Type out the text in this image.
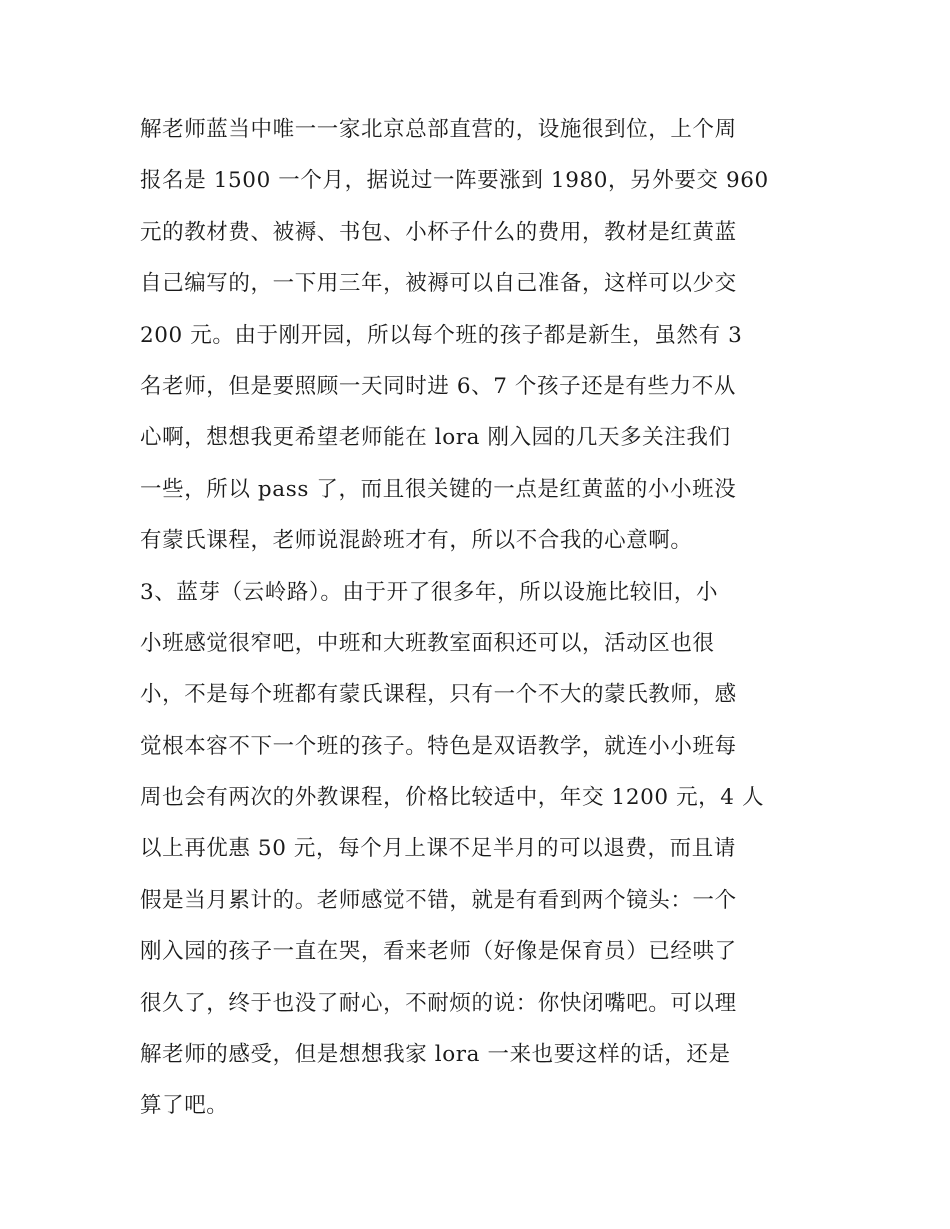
解老师蓝当中唯一一家北京总部直营的，设施很到位，上个周
报名是 1500 一个月，据说过一阵要涨到 1980，另外要交 960
元的教材费、被褥、书包、小杯子什么的费用，教材是红黄蓝
自己编写的，一下用三年，被褥可以自己准备，这样可以少交
200 元。由于刚开园，所以每个班的孩子都是新生，虽然有 3
名老师，但是要照顾一天同时进 6、7 个孩子还是有些力不从
心啊，想想我更希望老师能在 lora 刚入园的几天多关注我们
一些，所以 pass 了，而且很关键的一点是红黄蓝的小小班没
有蒙氏课程，老师说混龄班才有，所以不合我的心意啊。
3、蓝芽（云岭路）。由于开了很多年，所以设施比较旧，小
小班感觉很窄吧，中班和大班教室面积还可以，活动区也很
小，不是每个班都有蒙氏课程，只有一个不大的蒙氏教师，感
觉根本容不下一个班的孩子。特色是双语教学，就连小小班每
周也会有两次的外教课程，价格比较适中，年交 1200 元，4 人
以上再优惠 50 元，每个月上课不足半月的可以退费，而且请
假是当月累计的。老师感觉不错，就是有看到两个镜头：一个
刚入园的孩子一直在哭，看来老师（好像是保育员）已经哄了
很久了，终于也没了耐心，不耐烦的说：你快闭嘴吧。可以理
解老师的感受，但是想想我家 lora 一来也要这样的话，还是
算了吧。
